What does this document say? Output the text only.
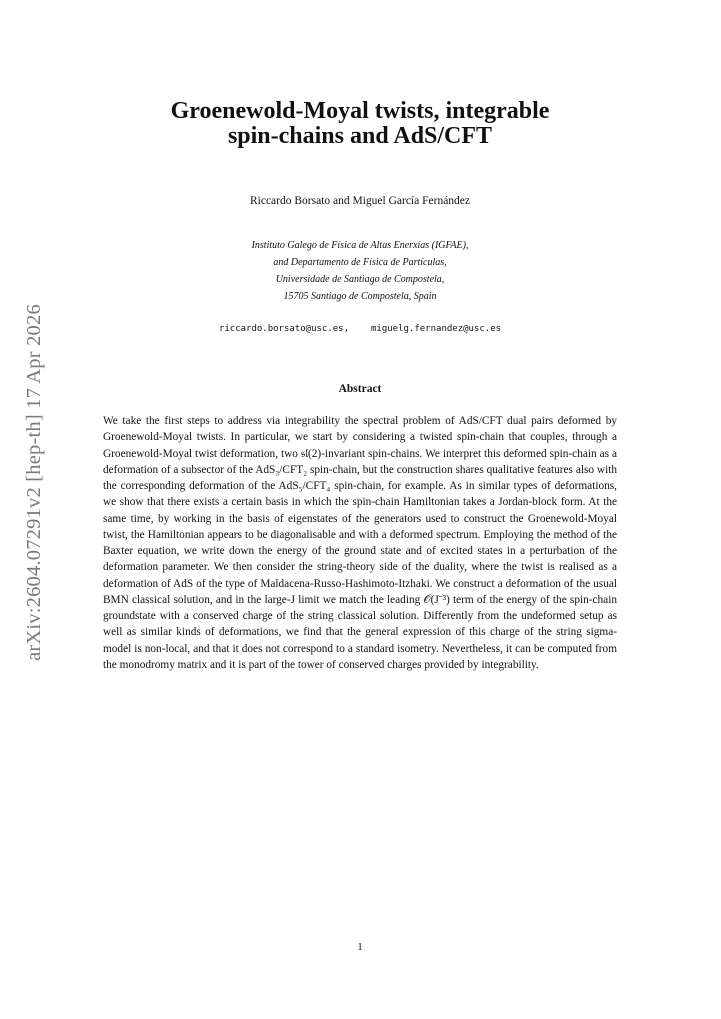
arXiv:2604.07291v2 [hep-th] 17 Apr 2026
Groenewold-Moyal twists, integrable
spin-chains and AdS/CFT
Riccardo Borsato and Miguel García Fernández
Instituto Galego de Física de Altas Enerxías (IGFAE),
and Departamento de Física de Partículas,
Universidade de Santiago de Compostela,
15705 Santiago de Compostela, Spain
riccardo.borsato@usc.es, miguelg.fernandez@usc.es
Abstract

We take the first steps to address via integrability the spectral problem of AdS/CFT dual pairs deformed by Groenewold-Moyal twists. In particular, we start by considering a twisted spin-chain that couples, through a Groenewold-Moyal twist deformation, two 𝔰𝔩(2)-invariant spin-chains. We interpret this deformed spin-chain as a deformation of a subsector of the AdS₃/CFT₂ spin-chain, but the construction shares qualitative features also with the corresponding deformation of the AdS₅/CFT₄ spin-chain, for example. As in similar types of deformations, we show that there exists a certain basis in which the spin-chain Hamiltonian takes a Jordan-block form. At the same time, by working in the basis of eigenstates of the generators used to construct the Groenewold-Moyal twist, the Hamiltonian appears to be diagonalisable and with a deformed spectrum. Employing the method of the Baxter equation, we write down the energy of the ground state and of excited states in a perturbation of the deformation parameter. We then consider the string-theory side of the duality, where the twist is realised as a deformation of AdS of the type of Maldacena-Russo-Hashimoto-Itzhaki. We construct a deformation of the usual BMN classical solution, and in the large-J limit we match the leading 𝒪(J⁻³) term of the energy of the spin-chain groundstate with a conserved charge of the string classical solution. Differently from the undeformed setup as well as similar kinds of deformations, we find that the general expression of this charge of the string sigma-model is non-local, and that it does not correspond to a standard isometry. Nevertheless, it can be computed from the monodromy matrix and it is part of the tower of conserved charges provided by integrability.

1
